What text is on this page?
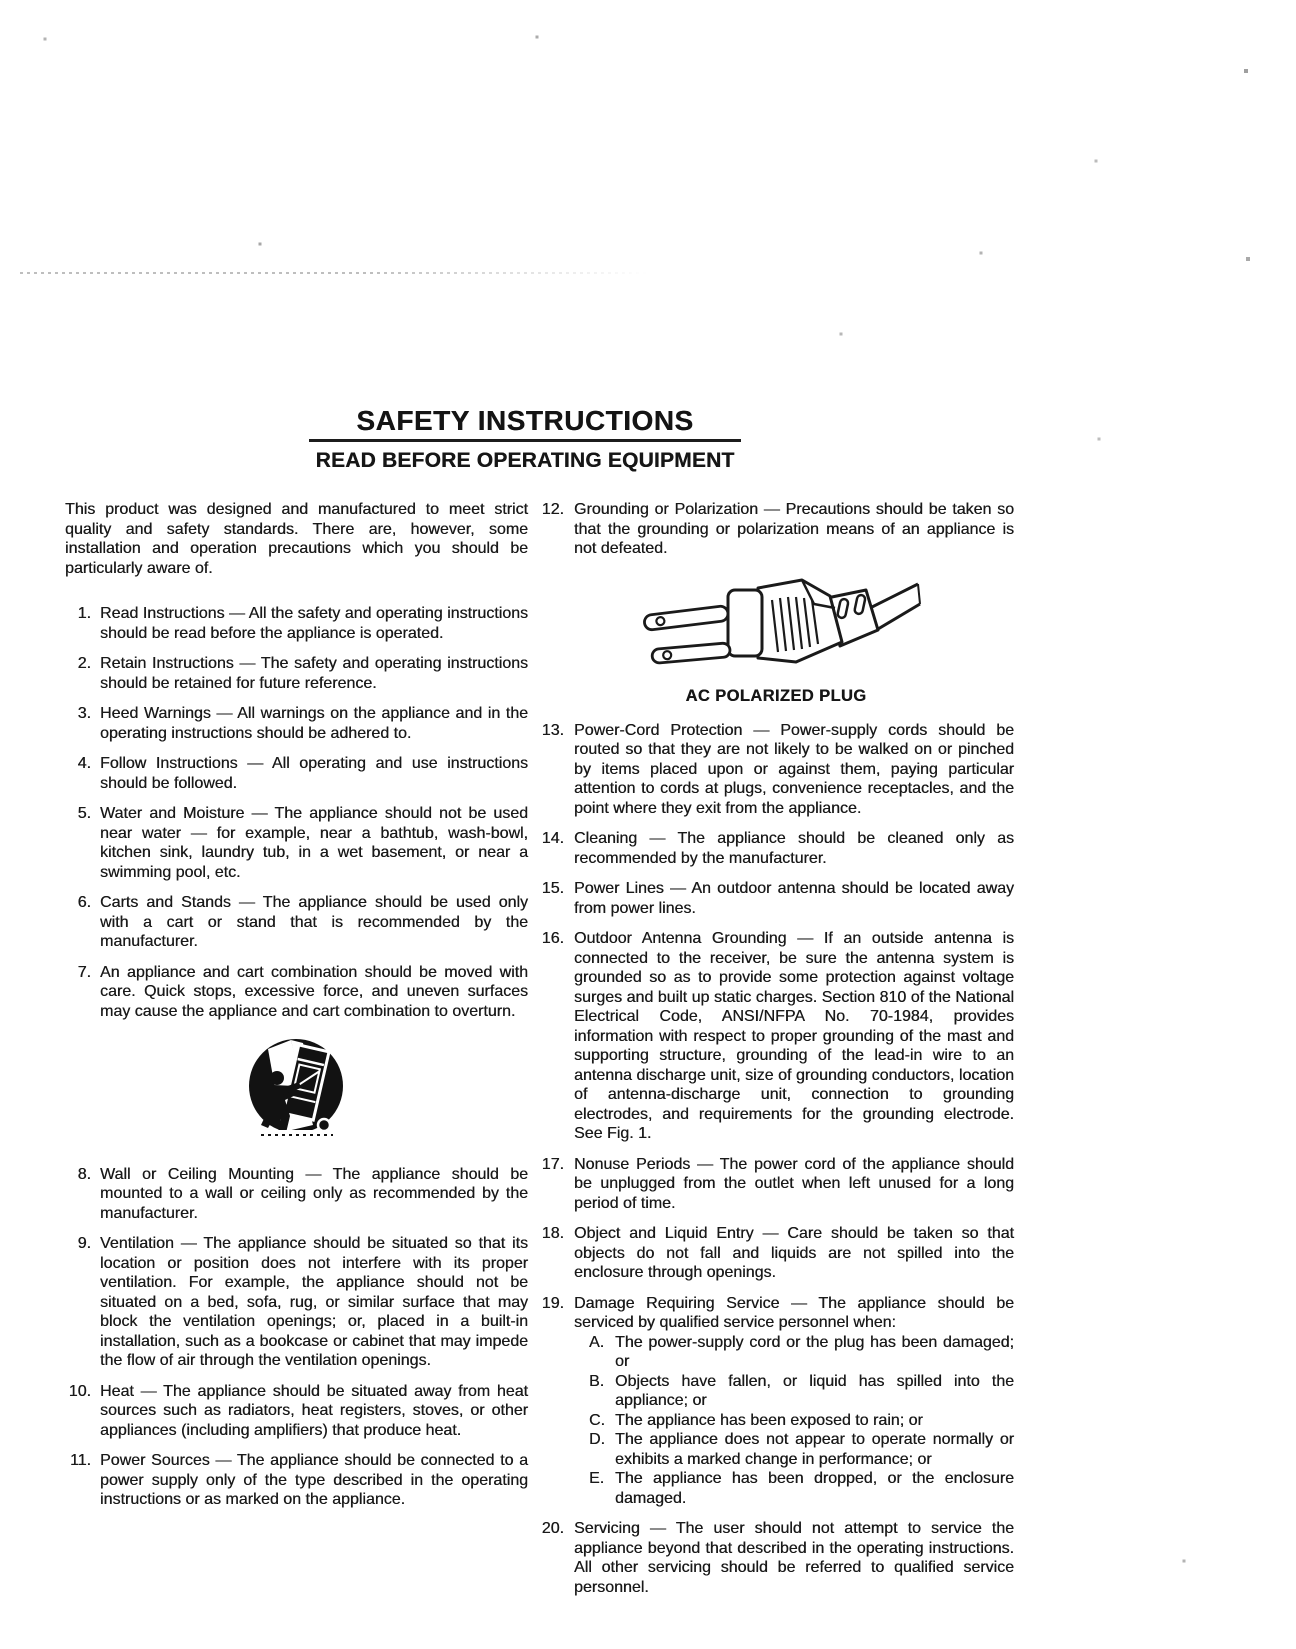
SAFETY INSTRUCTIONS
READ BEFORE OPERATING EQUIPMENT

This product was designed and manufactured to meet strict quality and safety standards. There are, however, some installation and operation precautions which you should be particularly aware of.

1. Read Instructions — All the safety and operating instructions should be read before the appliance is operated.
2. Retain Instructions — The safety and operating instructions should be retained for future reference.
3. Heed Warnings — All warnings on the appliance and in the operating instructions should be adhered to.
4. Follow Instructions — All operating and use instructions should be followed.
5. Water and Moisture — The appliance should not be used near water — for example, near a bathtub, wash-bowl, kitchen sink, laundry tub, in a wet basement, or near a swimming pool, etc.
6. Carts and Stands — The appliance should be used only with a cart or stand that is recommended by the manufacturer.
7. An appliance and cart combination should be moved with care. Quick stops, excessive force, and uneven surfaces may cause the appliance and cart combination to overturn.
8. Wall or Ceiling Mounting — The appliance should be mounted to a wall or ceiling only as recommended by the manufacturer.
9. Ventilation — The appliance should be situated so that its location or position does not interfere with its proper ventilation. For example, the appliance should not be situated on a bed, sofa, rug, or similar surface that may block the ventilation openings; or, placed in a built-in installation, such as a bookcase or cabinet that may impede the flow of air through the ventilation openings.
10. Heat — The appliance should be situated away from heat sources such as radiators, heat registers, stoves, or other appliances (including amplifiers) that produce heat.
11. Power Sources — The appliance should be connected to a power supply only of the type described in the operating instructions or as marked on the appliance.
12. Grounding or Polarization — Precautions should be taken so that the grounding or polarization means of an appliance is not defeated.
AC POLARIZED PLUG
13. Power-Cord Protection — Power-supply cords should be routed so that they are not likely to be walked on or pinched by items placed upon or against them, paying particular attention to cords at plugs, convenience receptacles, and the point where they exit from the appliance.
14. Cleaning — The appliance should be cleaned only as recommended by the manufacturer.
15. Power Lines — An outdoor antenna should be located away from power lines.
16. Outdoor Antenna Grounding — If an outside antenna is connected to the receiver, be sure the antenna system is grounded so as to provide some protection against voltage surges and built up static charges. Section 810 of the National Electrical Code, ANSI/NFPA No. 70-1984, provides information with respect to proper grounding of the mast and supporting structure, grounding of the lead-in wire to an antenna discharge unit, size of grounding conductors, location of antenna-discharge unit, connection to grounding electrodes, and requirements for the grounding electrode. See Fig. 1.
17. Nonuse Periods — The power cord of the appliance should be unplugged from the outlet when left unused for a long period of time.
18. Object and Liquid Entry — Care should be taken so that objects do not fall and liquids are not spilled into the enclosure through openings.
19. Damage Requiring Service — The appliance should be serviced by qualified service personnel when:
A. The power-supply cord or the plug has been damaged; or
B. Objects have fallen, or liquid has spilled into the appliance; or
C. The appliance has been exposed to rain; or
D. The appliance does not appear to operate normally or exhibits a marked change in performance; or
E. The appliance has been dropped, or the enclosure damaged.
20. Servicing — The user should not attempt to service the appliance beyond that described in the operating instructions. All other servicing should be referred to qualified service personnel.
